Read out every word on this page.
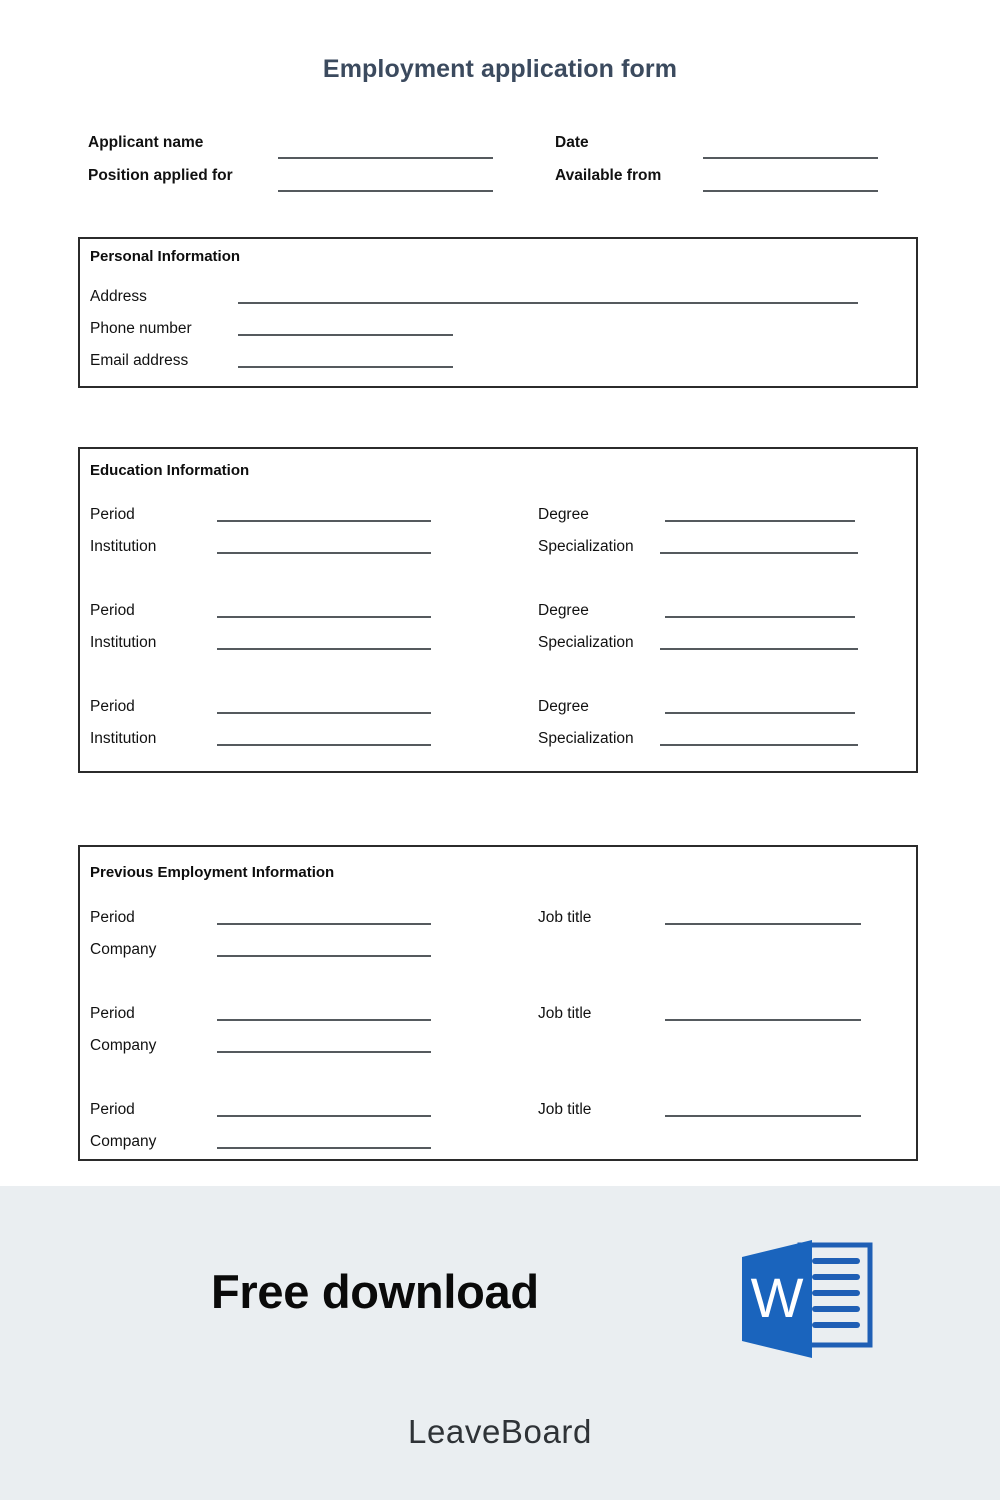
Employment application form
Applicant name
Position applied for
Date
Available from
Personal Information
Address
Phone number
Email address
Education Information
Period
Institution
Degree
Specialization
Period
Institution
Degree
Specialization
Period
Institution
Degree
Specialization
Previous Employment Information
Period
Company
Job title
Period
Company
Job title
Period
Company
Job title
Free download	W
LeaveBoard
